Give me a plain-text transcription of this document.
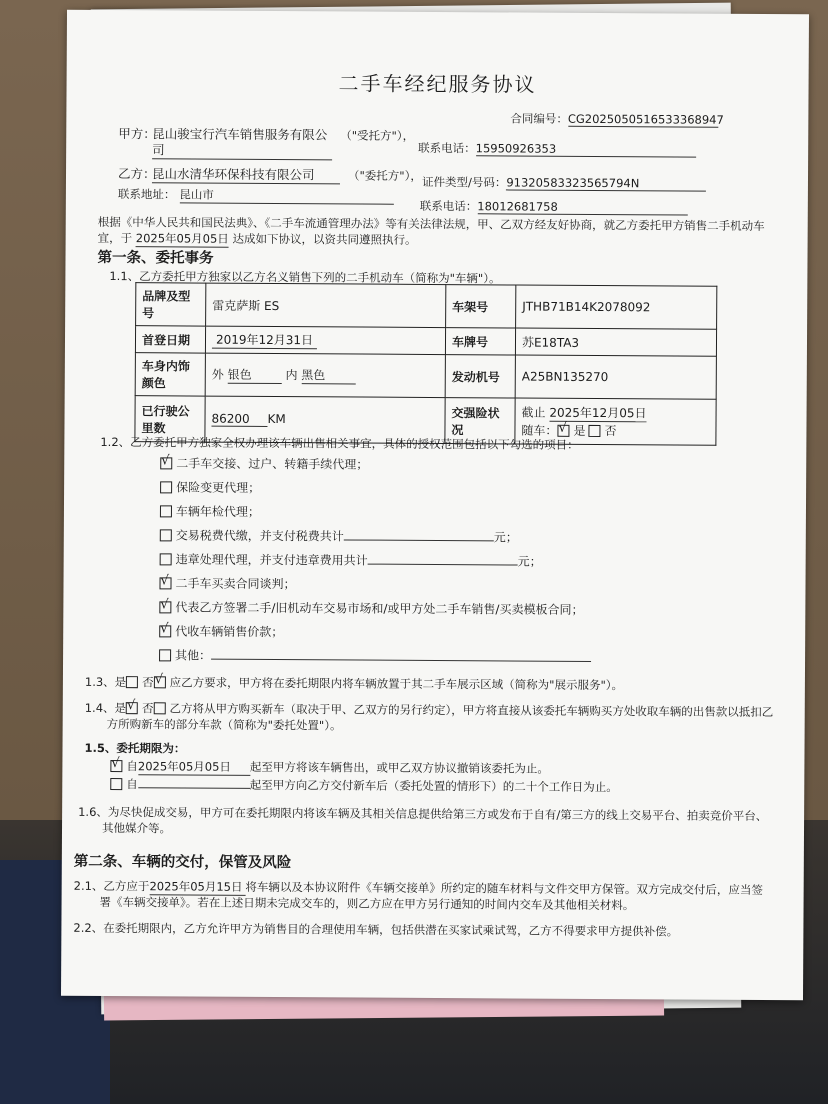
二手车经纪服务协议
合同编号：CG20250505165333689​47
甲方：
昆山骏宝行汽车销售服务有限公
司
（"受托方"），
联系电话：15950926353
乙方：
昆山水清华环保科技有限公司	（"委托方"）， 证件类型/号码：91320583323565794N
联系地址： 昆山市
联系电话：18012681758
根据《中华人民共和国民法典》、《二手车流通管理办法》等有关法律法规，甲、乙双方经友好协商，就乙方委托甲方销售二手机动车
宜，于 2025年05月05日 达成如下协议，以资共同遵照执行。
第一条、委托事务
1.1、乙方委托甲方独家以乙方名义销售下列的二手机动车（简称为"车辆"）。
品牌及型号	雷克萨斯 ES	车架号	JTHB71B14K2078092
首登日期	2019年12月31日	车牌号	苏E18TA3
车身内饰颜色	外 银色 内 黑色	发动机号	A25BN135270
已行驶公里数	86200 KM	交强险状况	截止 2025年12月05日
随车： √ 是 否
1.2、乙方委托甲方独家全权办理该车辆出售相关事宜，具体的授权范围包括以下勾选的项目：
√二手车交接、过户、转籍手续代理；
保险变更代理；
车辆年检代理；
交易税费代缴，并支付税费共计	元；
违章处理代理，并支付违章费用共计	元；
√二手车买卖合同谈判；
√代表乙方签署二手/旧机动车交易市场和/或甲方处二手车销售/买卖模板合同；
√代收车辆销售价款；
其他：
1.3、是 否 √ 应乙方要求，甲方将在委托期限内将车辆放置于其二手车展示区域（简称为"展示服务"）。
1.4、是 √ 否 乙方将从甲方购买新车（取决于甲、乙双方的另行约定），甲方将直接从该委托车辆购买方处收取车辆的出售款以抵扣乙
方所购新车的部分车款（简称为"委托处置"）。
1.5、委托期限为：
√自2025年05月05日 起至甲方将该车辆售出，或甲乙双方协议撤销该委托为止。
自	起至甲方向乙方交付新车后（委托处置的情形下）的二十个工作日为止。
1.6、为尽快促成交易，甲方可在委托期限内将该车辆及其相关信息提供给第三方或发布于自有/第三方的线上交易平台、拍卖竞价平台、
其他媒介等。
第二条、车辆的交付，保管及风险
2.1、乙方应于2025年05月15日 将车辆以及本协议附件《车辆交接单》所约定的随车材料与文件交甲方保管。双方完成交付后，应当签
署《车辆交接单》。若在上述日期未完成交车的，则乙方应在甲方另行通知的时间内交车及其他相关材料。
2.2、在委托期限内，乙方允许甲方为销售目的合理使用车辆，包括供潜在买家试乘试驾，乙方不得要求甲方提供补偿。
